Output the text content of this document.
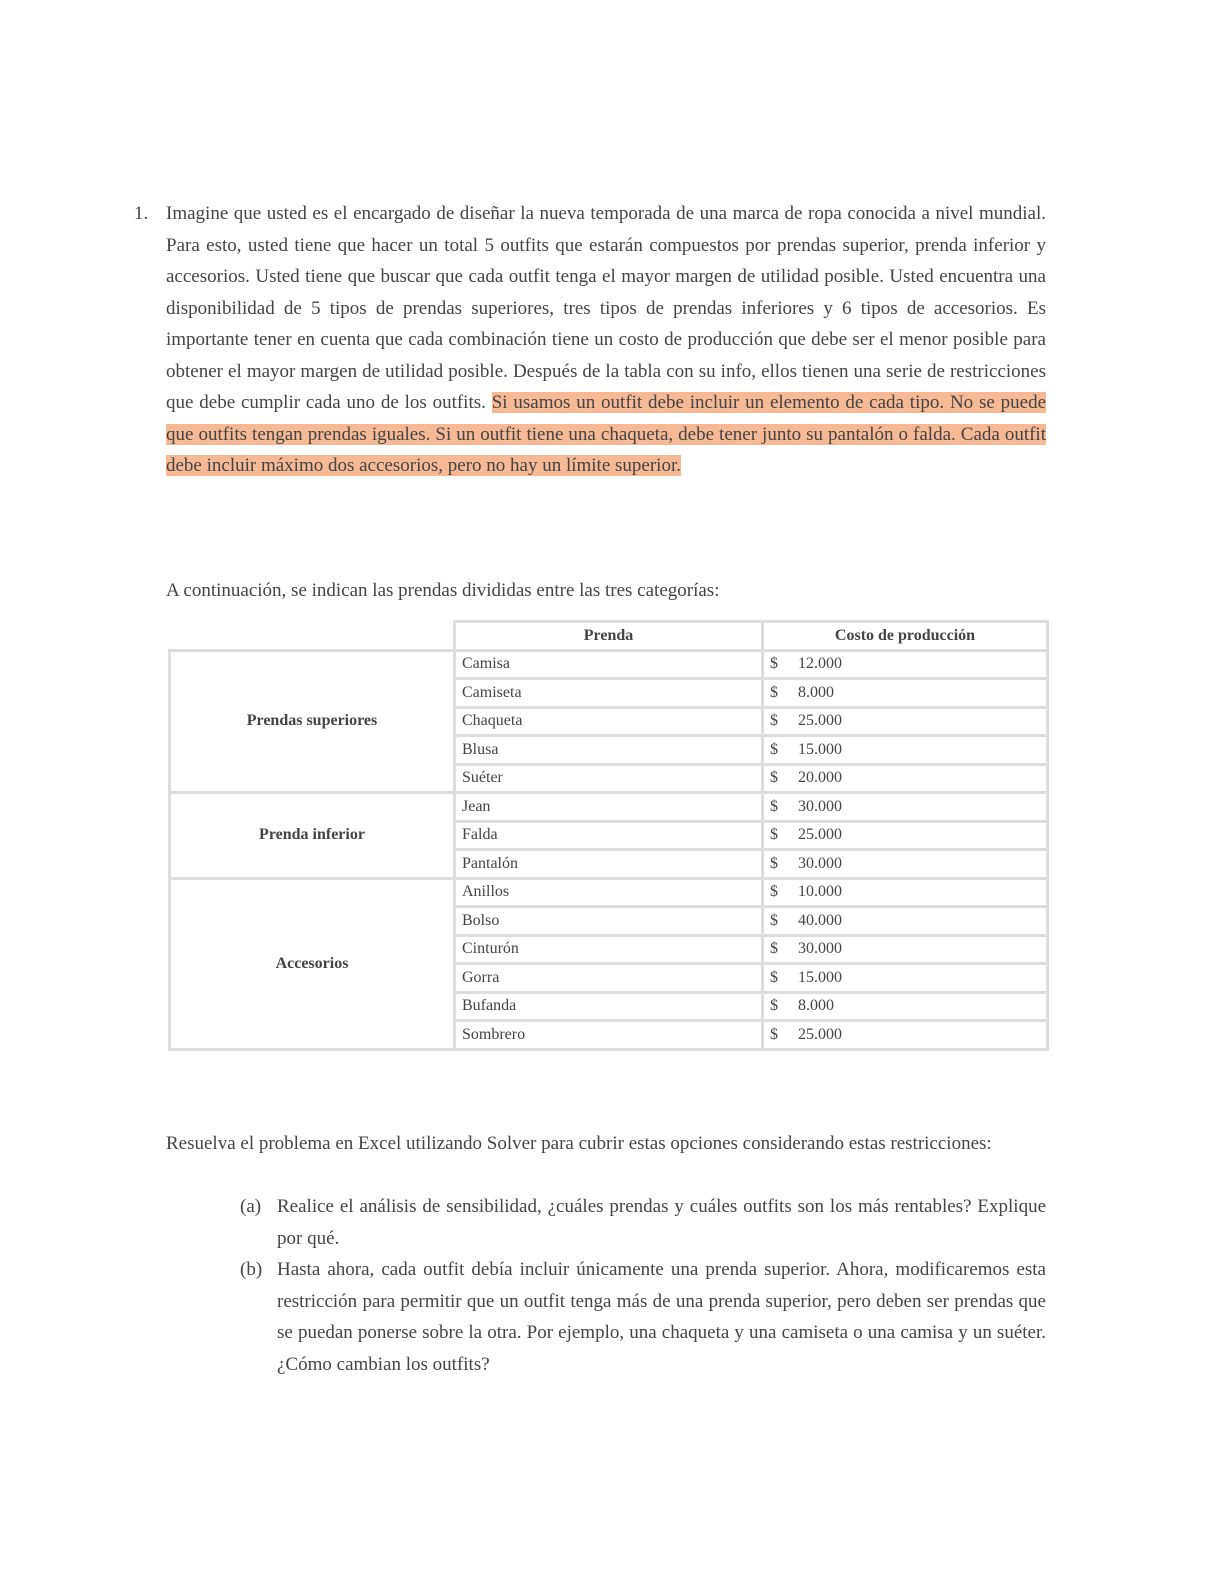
1. Imagine que usted es el encargado de diseñar la nueva temporada de una marca de ropa conocida a nivel mundial. Para esto, usted tiene que hacer un total 5 outfits que estarán compuestos por prendas superior, prenda inferior y accesorios. Usted tiene que buscar que cada outfit tenga el mayor margen de utilidad posible. Usted encuentra una disponibilidad de 5 tipos de prendas superiores, tres tipos de prendas inferiores y 6 tipos de accesorios. Es importante tener en cuenta que cada combinación tiene un costo de producción que debe ser el menor posible para obtener el mayor margen de utilidad posible. Después de la tabla con su info, ellos tienen una serie de restricciones que debe cumplir cada uno de los outfits. Si usamos un outfit debe incluir un elemento de cada tipo. No se puede que outfits tengan prendas iguales. Si un outfit tiene una chaqueta, debe tener junto su pantalón o falda. Cada outfit debe incluir máximo dos accesorios, pero no hay un límite superior.
A continuación, se indican las prendas divididas entre las tres categorías:
	Prenda	Costo de producción
Prendas superiores	Camisa	$ 12.000
	Camiseta	$ 8.000
	Chaqueta	$ 25.000
	Blusa	$ 15.000
	Suéter	$ 20.000
Prenda inferior	Jean	$ 30.000
	Falda	$ 25.000
	Pantalón	$ 30.000
Accesorios	Anillos	$ 10.000
	Bolso	$ 40.000
	Cinturón	$ 30.000
	Gorra	$ 15.000
	Bufanda	$ 8.000
	Sombrero	$ 25.000
Resuelva el problema en Excel utilizando Solver para cubrir estas opciones considerando estas restricciones:
(a) Realice el análisis de sensibilidad, ¿cuáles prendas y cuáles outfits son los más rentables? Explique por qué.
(b) Hasta ahora, cada outfit debía incluir únicamente una prenda superior. Ahora, modificaremos esta restricción para permitir que un outfit tenga más de una prenda superior, pero deben ser prendas que se puedan ponerse sobre la otra. Por ejemplo, una chaqueta y una camiseta o una camisa y un suéter. ¿Cómo cambian los outfits?
